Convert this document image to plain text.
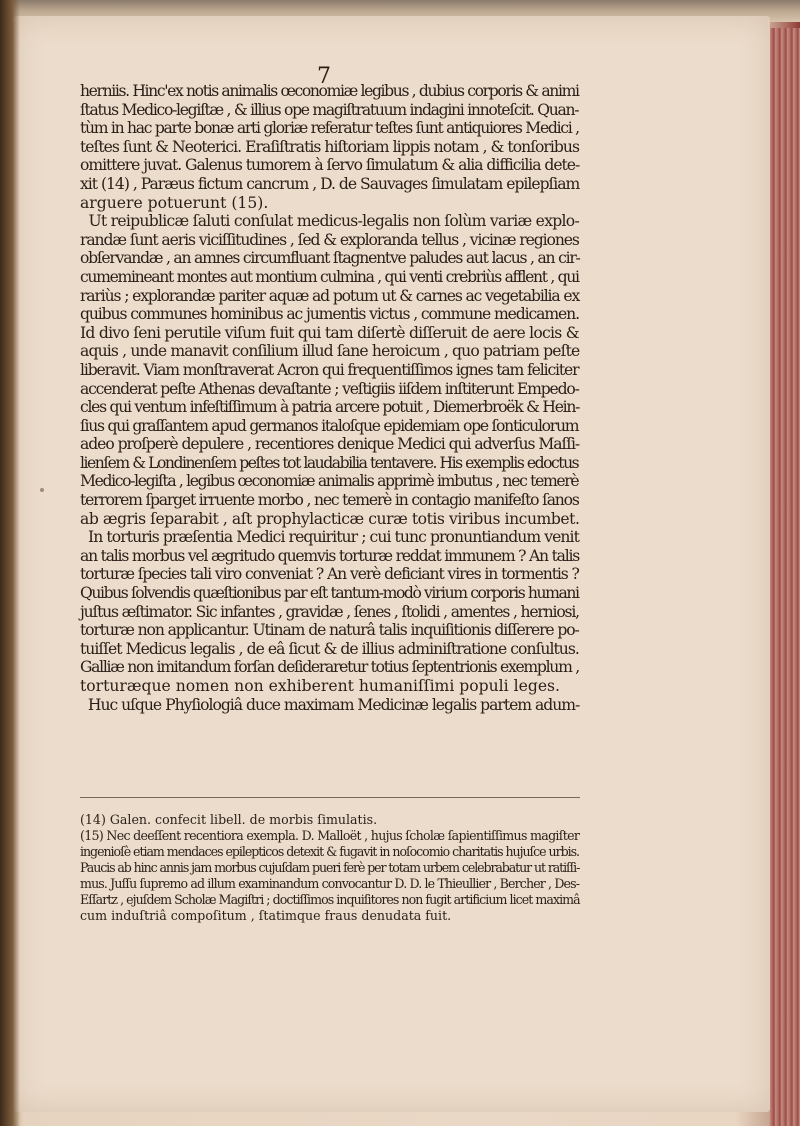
7
herniis. Hinc'ex notis animalis œconomiæ legibus , dubius corporis & animi
ſtatus Medico-legiſtæ , & illius ope magiſtratuum indagini innoteſcit. Quan-
tùm in hac parte bonæ arti gloriæ referatur teſtes ſunt antiquiores Medici ,
teſtes ſunt & Neoterici. Eraſiſtratis hiſtoriam lippis notam , & tonſoribus
omittere juvat. Galenus tumorem à ſervo ſimulatum & alia difficilia dete-
xit (14) , Paræus fictum cancrum , D. de Sauvages ſimulatam epilepſiam
arguere potuerunt (15).
Ut reipublicæ ſaluti conſulat medicus-legalis non ſolùm variæ explo-
randæ ſunt aeris viciſſitudines , ſed & exploranda tellus , vicinæ regiones
obſervandæ , an amnes circumfluant ſtagnentve paludes aut lacus , an cir-
cumemineant montes aut montium culmina , qui venti crebriùs afflent , qui
rariùs ; explorandæ pariter aquæ ad potum ut & carnes ac vegetabilia ex
quibus communes hominibus ac jumentis victus , commune medicamen.
Id divo ſeni perutile viſum fuit qui tam diſertè diſſeruit de aere locis &
aquis , unde manavit conſilium illud ſane heroicum , quo patriam peſte
liberavit. Viam monſtraverat Acron qui frequentiſſimos ignes tam feliciter
accenderat peſte Athenas devaſtante ; veſtigiis iiſdem inſtiterunt Empedo-
cles qui ventum infeſtiſſimum à patria arcere potuit , Diemerbroëk & Hein-
ſius qui graſſantem apud germanos italoſque epidemiam ope ſonticulorum
adeo proſperè depulere , recentiores denique Medici qui adverſus Maſſi-
lienſem & Londinenſem peſtes tot laudabilia tentavere. His exemplis edoctus
Medico-legiſta , legibus œconomiæ animalis apprimè imbutus , nec temerè
terrorem ſparget irruente morbo , nec temerè in contagio manifeſto ſanos
ab ægris ſeparabit , aſt prophylacticæ curæ totis viribus incumbet.
In torturis præſentia Medici requiritur ; cui tunc pronuntiandum venit
an talis morbus vel ægritudo quemvis torturæ reddat immunem ? An talis
torturæ ſpecies tali viro conveniat ? An verè deficiant vires in tormentis ?
Quibus ſolvendis quæſtionibus par eſt tantum-modò virium corporis humani
juſtus æſtimator. Sic infantes , gravidæ , ſenes , ſtolidi , amentes , herniosi,
torturæ non applicantur. Utinam de naturâ talis inquiſitionis diſſerere po-
tuiſſet Medicus legalis , de eâ ſicut & de illius adminiſtratione conſultus.
Galliæ non imitandum forſan deſideraretur totius ſeptentrionis exemplum ,
torturæque nomen non exhiberent humaniſſimi populi leges.
Huc uſque Phyſiologiâ duce maximam Medicinæ legalis partem adum-
(14) Galen. confecit libell. de morbis ſimulatis.
(15) Nec deeſſent recentiora exempla. D. Malloët , hujus ſcholæ ſapientiſſimus magiſter
ingenioſè etiam mendaces epilepticos detexit & fugavit in noſocomio charitatis hujuſce urbis.
Paucis ab hinc annis jam morbus cujuſdam pueri ferè per totam urbem celebrabatur ut ratiſſi-
mus. Juſſu ſupremo ad illum examinandum convocantur D. D. le Thieullier , Bercher , Des-
Eſſartz , ejuſdem Scholæ Magiſtri ; doctiſſimos inquiſitores non fugit artificium licet maximâ
cum induſtriâ compoſitum , ſtatimque fraus denudata fuit.
